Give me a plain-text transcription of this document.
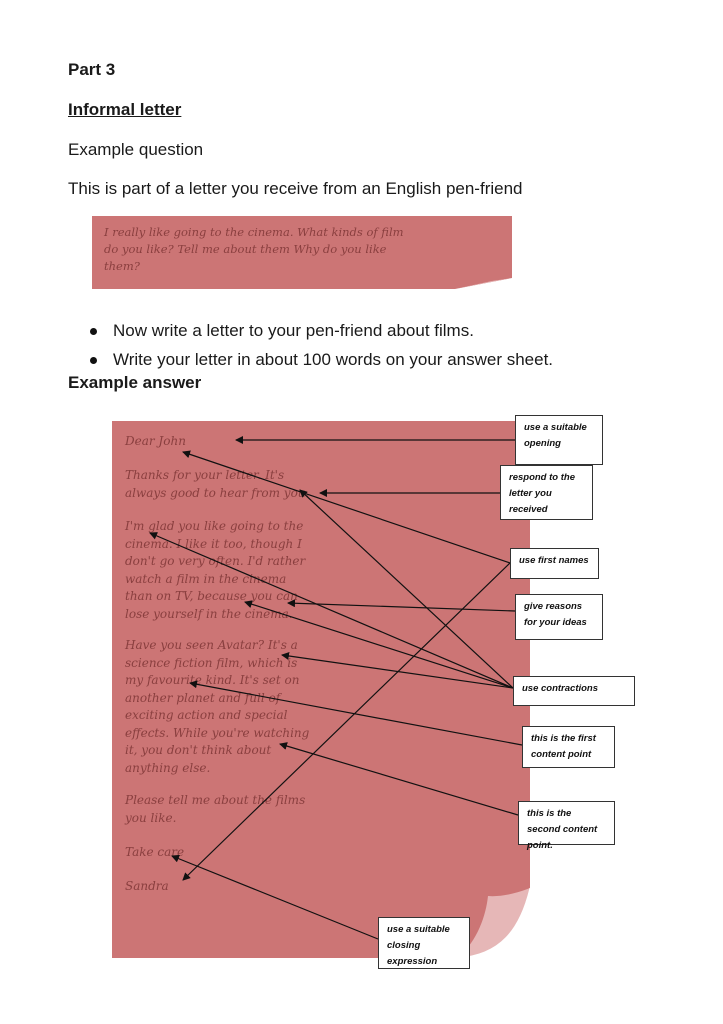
Part 3
Informal letter
Example question
This is part of a letter you receive from an English pen-friend
I really like going to the cinema. What kinds of film do you like? Tell me about them Why do you like them?
Now write a letter to your pen-friend about films.
Write your letter in about 100 words on your answer sheet.
Example answer
Dear John
Thanks for your letter. It's
always good to hear from you.
I'm glad you like going to the
cinema. I like it too, though I
don't go very often. I'd rather
watch a film in the cinema
than on TV, because you can
lose yourself in the cinema.
Have you seen Avatar? It's a
science fiction film, which is
my favourite kind. It's set on
another planet and full of
exciting action and special
effects. While you're watching
it, you don't think about
anything else.
Please tell me about the films
you like.
Take care
Sandra
use a suitable opening
respond to the letter you received
use first names
give reasons for your ideas
use contractions
this is the first content point
this is the second content point.
use a suitable closing expression
